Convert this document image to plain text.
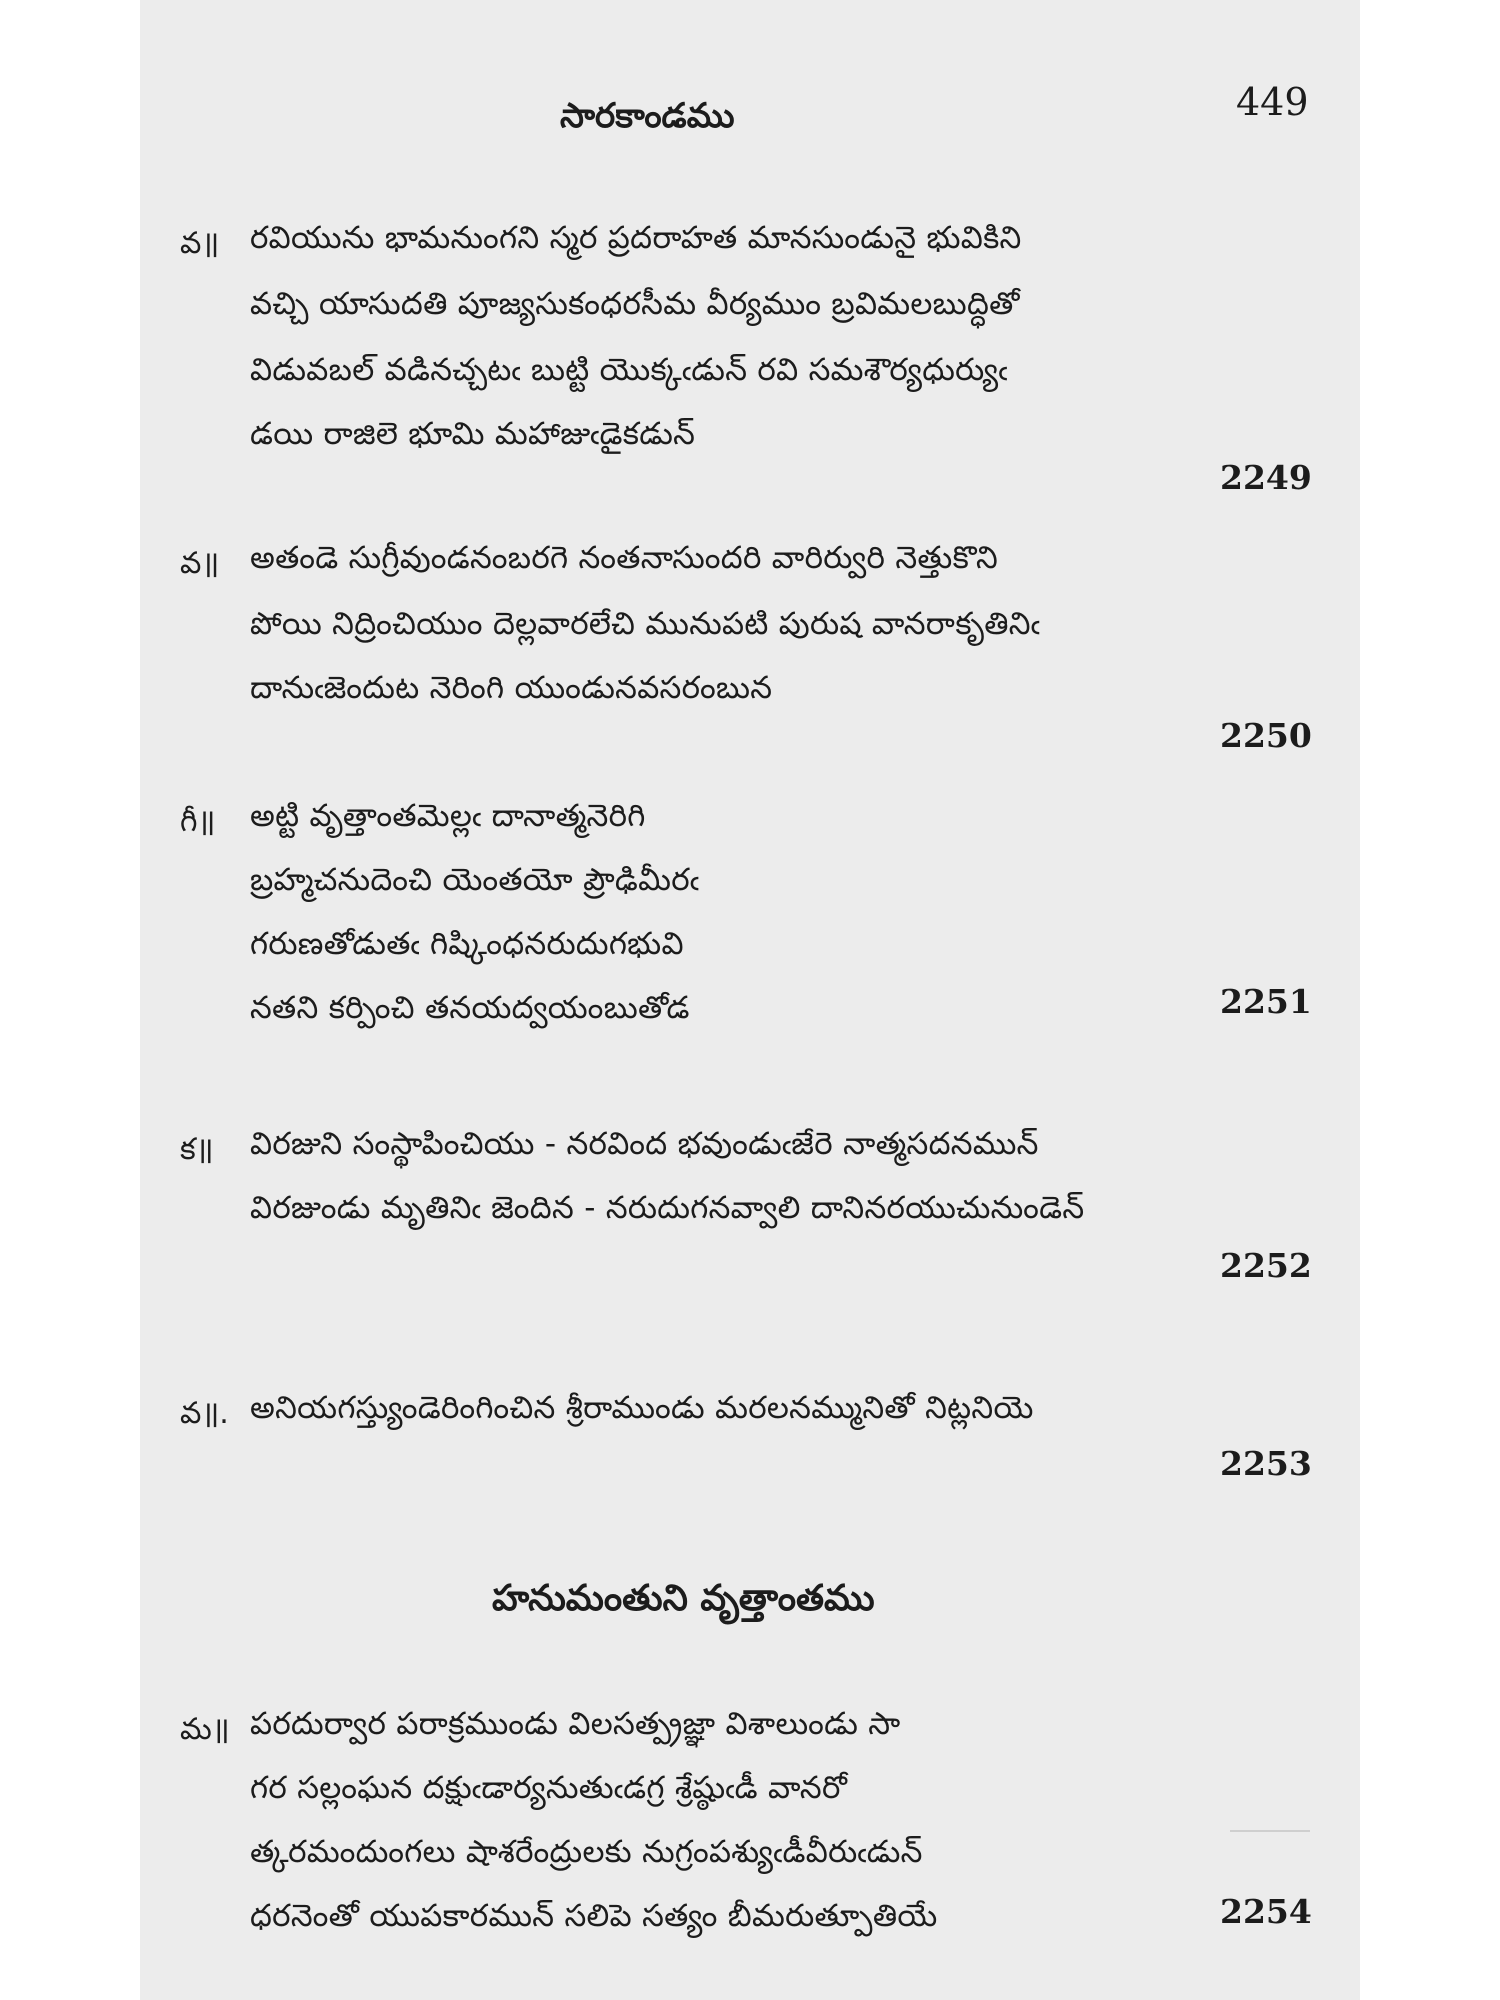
సారకాండము	449
వ॥ రవియును భామనుంగని స్మర ప్రదరాహత మానసుండునై భువికిని
వచ్చి యాసుదతి పూజ్యసుకంధరసీమ వీర్యముం బ్రవిమలబుద్ధితో
విడువబల్ వడినచ్చటఁ బుట్టి యొక్కఁడున్ రవి సమశౌర్యధుర్యుఁ
డయి రాజిలె భూమి మహాజుఁడైకడున్
2249
వ॥ అతండె సుగ్రీవుండనంబరగె నంతనాసుందరి వారిర్వురి నెత్తుకొని
పోయి నిద్రించియుం దెల్లవారలేచి మునుపటి పురుష వానరాకృతినిఁ
దానుఁజెందుట నెరింగి యుండునవసరంబున
2250
గీ॥ అట్టి వృత్తాంతమెల్లఁ దానాత్మనెరిగి
బ్రహ్మచనుదెంచి యెంతయో ప్రౌఢిమీరఁ
గరుణతోడుతఁ గిష్కింధనరుదుగభువి
నతని కర్పించి తనయద్వయంబుతోడ	2251
క॥ విరజుని సంస్థాపించియు - నరవింద భవుండుఁజేరె నాత్మసదనమున్
విరజుండు మృతినిఁ జెందిన - నరుదుగనవ్వాలి దానినరయుచునుండెన్
2252
వ॥. అనియగస్త్యుండెరింగించిన శ్రీరాముండు మరలనమ్మునితో నిట్లనియె
2253
హనుమంతుని వృత్తాంతము
మ॥ పరదుర్వార పరాక్రముండు విలసత్ప్రజ్ఞా విశాలుండు సా
గర సల్లంఘన దక్షుఁడార్యనుతుఁడగ్ర శ్రేష్ఠుఁడీ వానరో
త్కరమందుంగలు షాశరేంద్రులకు నుగ్రంపశ్యుఁడీవీరుఁడున్
ధరనెంతో యుపకారమున్ సలిపె సత్యం బీమరుత్పూతియే	2254
